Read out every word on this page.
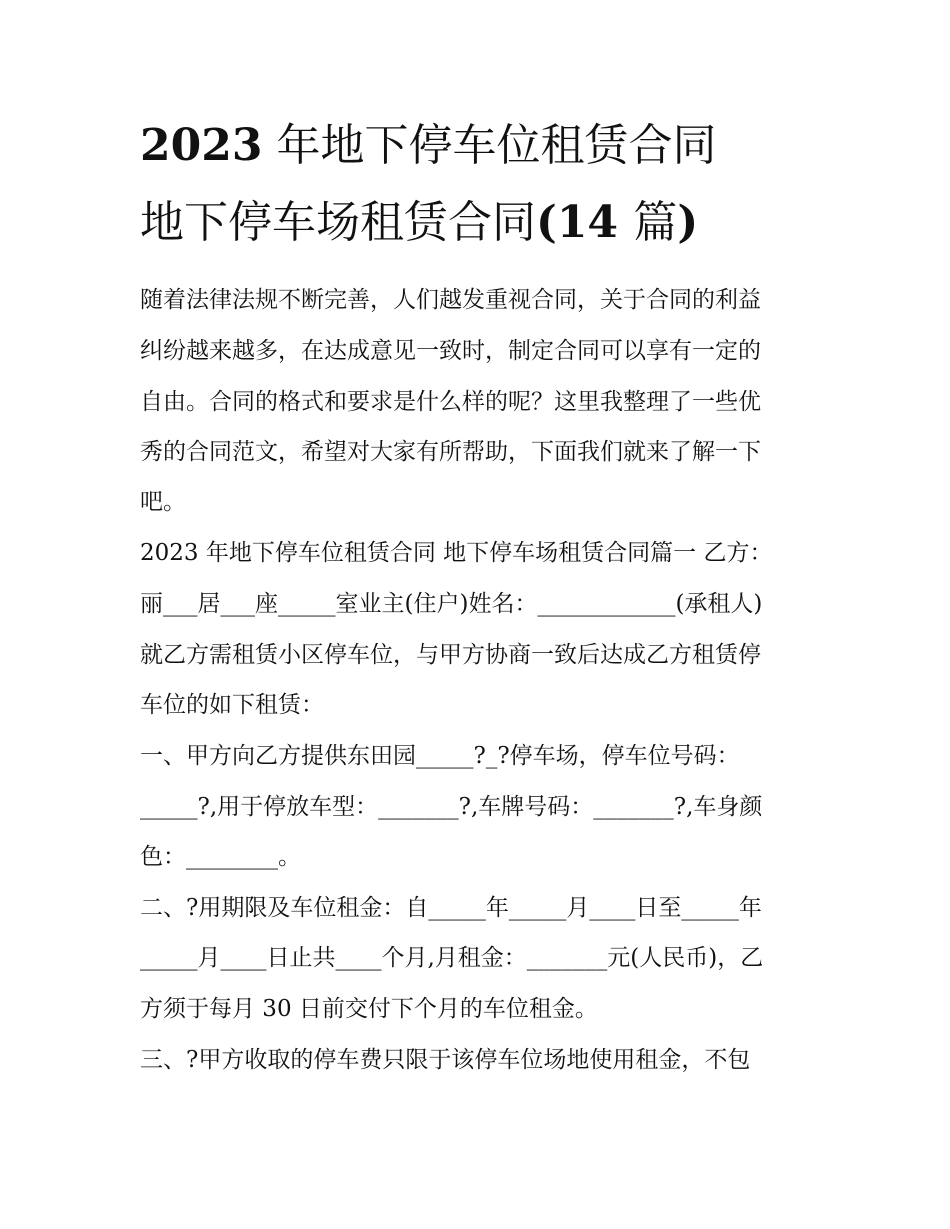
2023 年地下停车位租赁合同
地下停车场租赁合同(14 篇)
随着法律法规不断完善，人们越发重视合同，关于合同的利益
纠纷越来越多，在达成意见一致时，制定合同可以享有一定的
自由。合同的格式和要求是什么样的呢？这里我整理了一些优
秀的合同范文，希望对大家有所帮助，下面我们就来了解一下
吧。
2023 年地下停车位租赁合同 地下停车场租赁合同篇一 乙方：
丽___居___座_____室业主(住户)姓名：____________(承租人)
就乙方需租赁小区停车位，与甲方协商一致后达成乙方租赁停
车位的如下租赁：
一、甲方向乙方提供东田园_____?_?停车场，停车位号码：
_____?,用于停放车型：_______?,车牌号码：_______?,车身颜
色：________。
二、?用期限及车位租金：自_____年_____月____日至_____年
_____月____日止共____个月,月租金：_______元(人民币)，乙
方须于每月 30 日前交付下个月的车位租金。
三、?甲方收取的停车费只限于该停车位场地使用租金，不包
